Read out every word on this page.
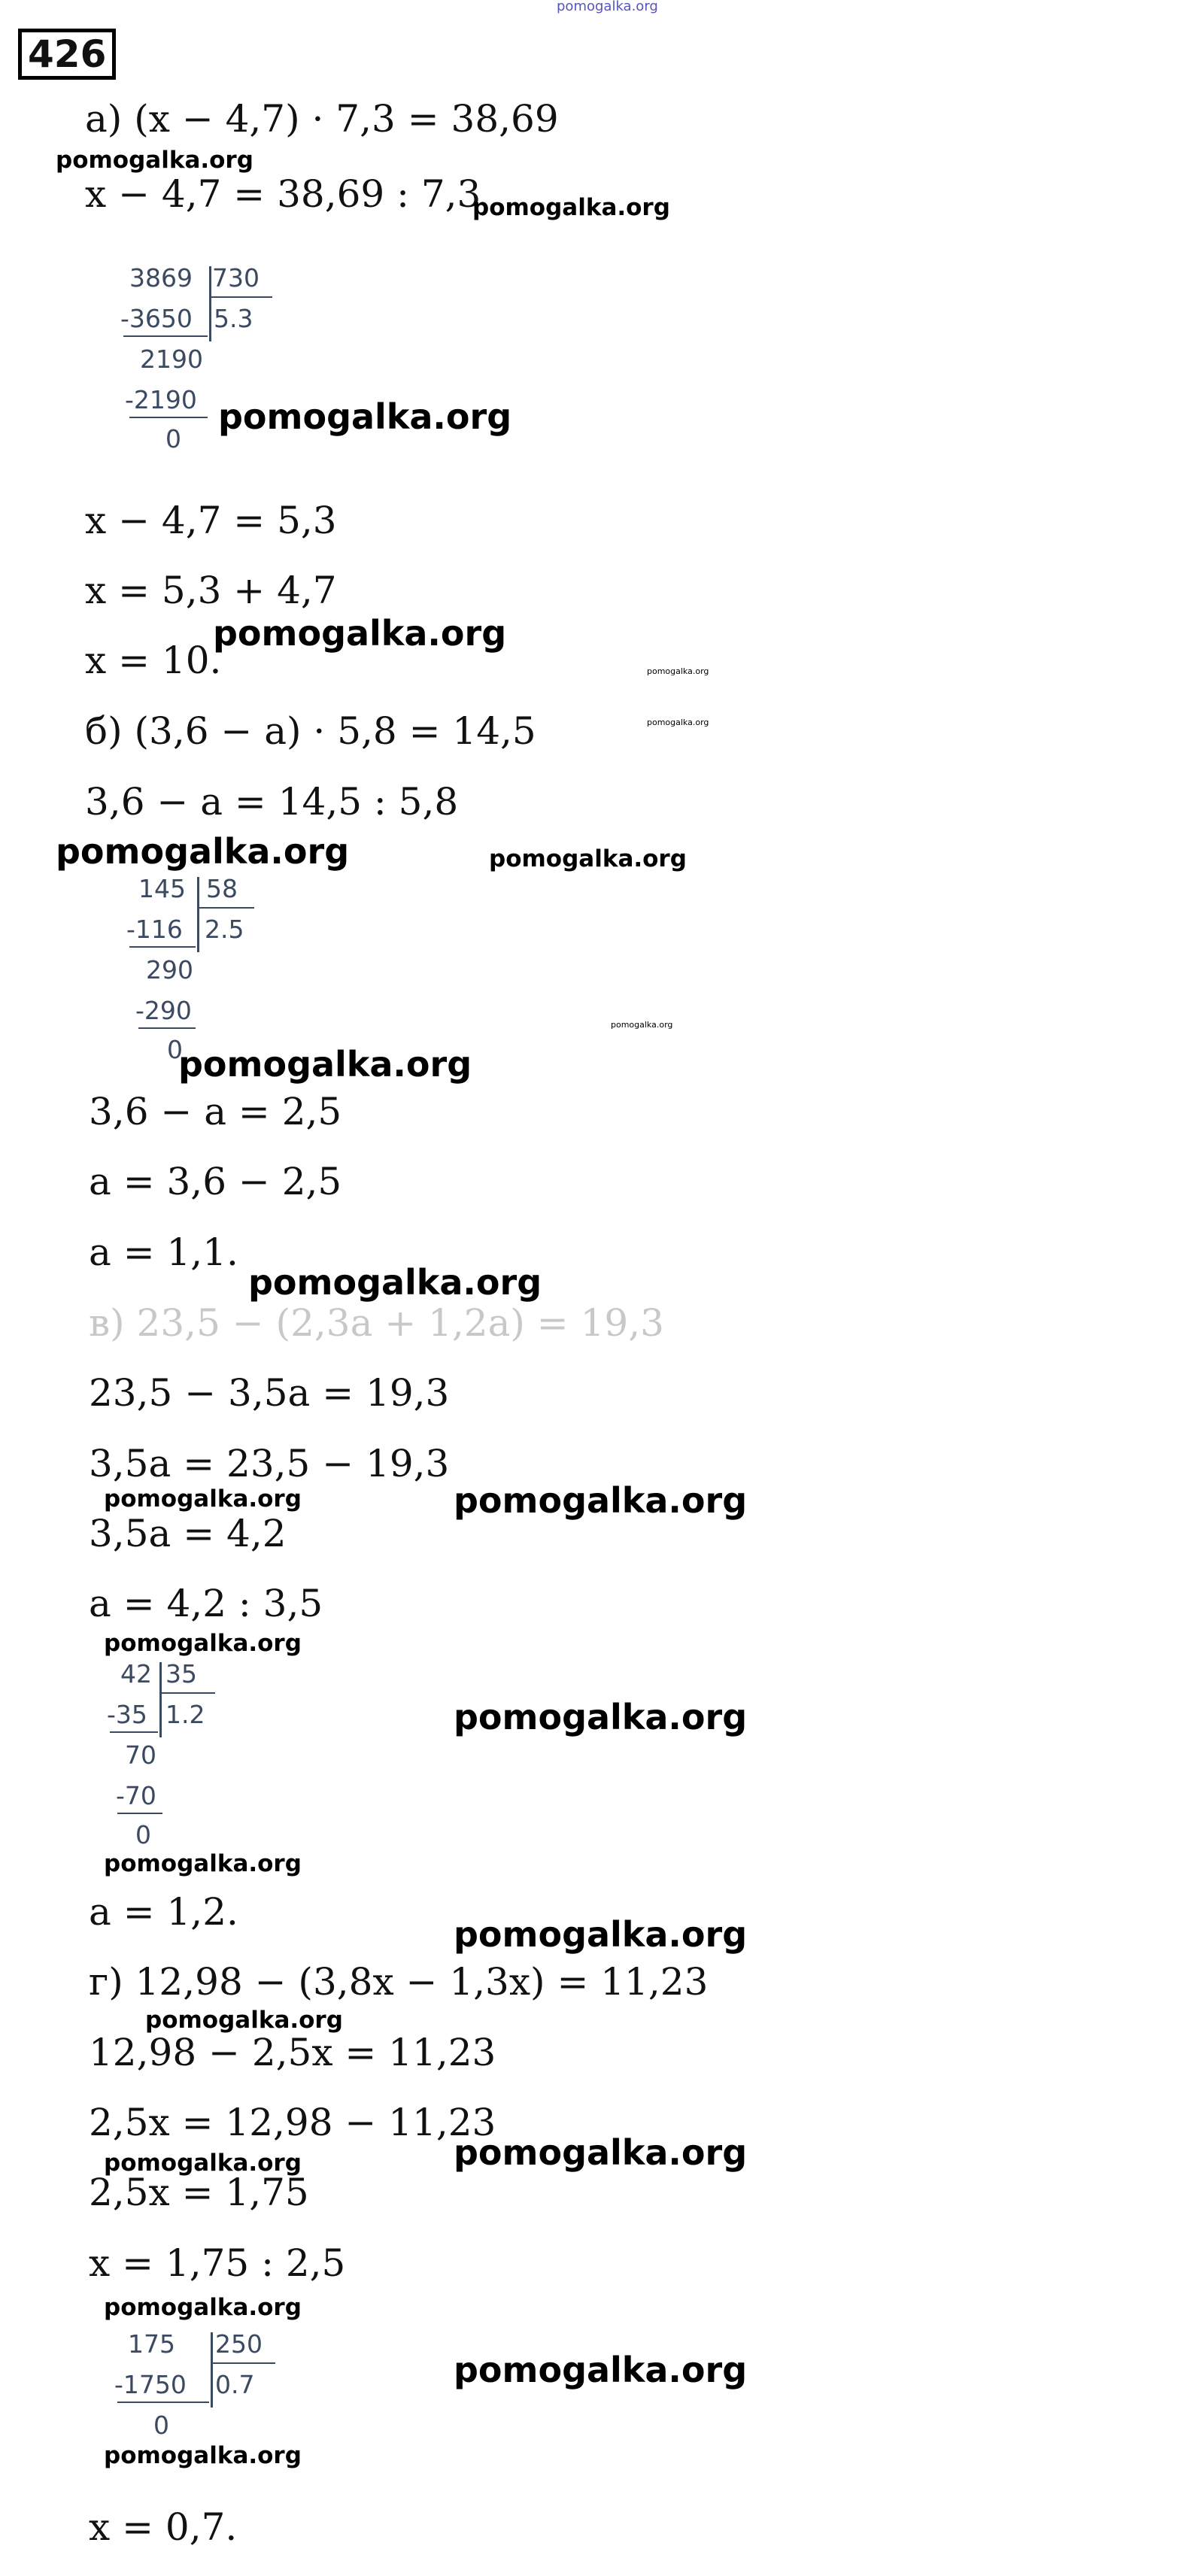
pomogalka.org
426
а) (x − 4,7) · 7,3 = 38,69
pomogalka.org
x − 4,7 = 38,69 : 7,3
pomogalka.org
3869 730
-3650 5.3
2190
-2190
0
pomogalka.org
x − 4,7 = 5,3
x = 5,3 + 4,7
pomogalka.org
x = 10.	pomogalka.org
pomogalka.org
б) (3,6 − a) · 5,8 = 14,5
3,6 − a = 14,5 : 5,8
pomogalka.org	pomogalka.org
145 58
-116 2.5
290
-290
0
pomogalka.org
pomogalka.org
3,6 − a = 2,5
a = 3,6 − 2,5
a = 1,1.
pomogalka.org
в) 23,5 − (2,3a + 1,2a) = 19,3
23,5 − 3,5a = 19,3
3,5a = 23,5 − 19,3
pomogalka.org	pomogalka.org
3,5a = 4,2
a = 4,2 : 3,5
pomogalka.org
42 35
-35 1.2
70
-70
0
pomogalka.org
pomogalka.org
a = 1,2.
pomogalka.org
г) 12,98 − (3,8x − 1,3x) = 11,23
pomogalka.org
12,98 − 2,5x = 11,23
2,5x = 12,98 − 11,23
pomogalka.org	pomogalka.org
2,5x = 1,75
x = 1,75 : 2,5
pomogalka.org
175 250
-1750 0.7
0
pomogalka.org
pomogalka.org
x = 0,7.
